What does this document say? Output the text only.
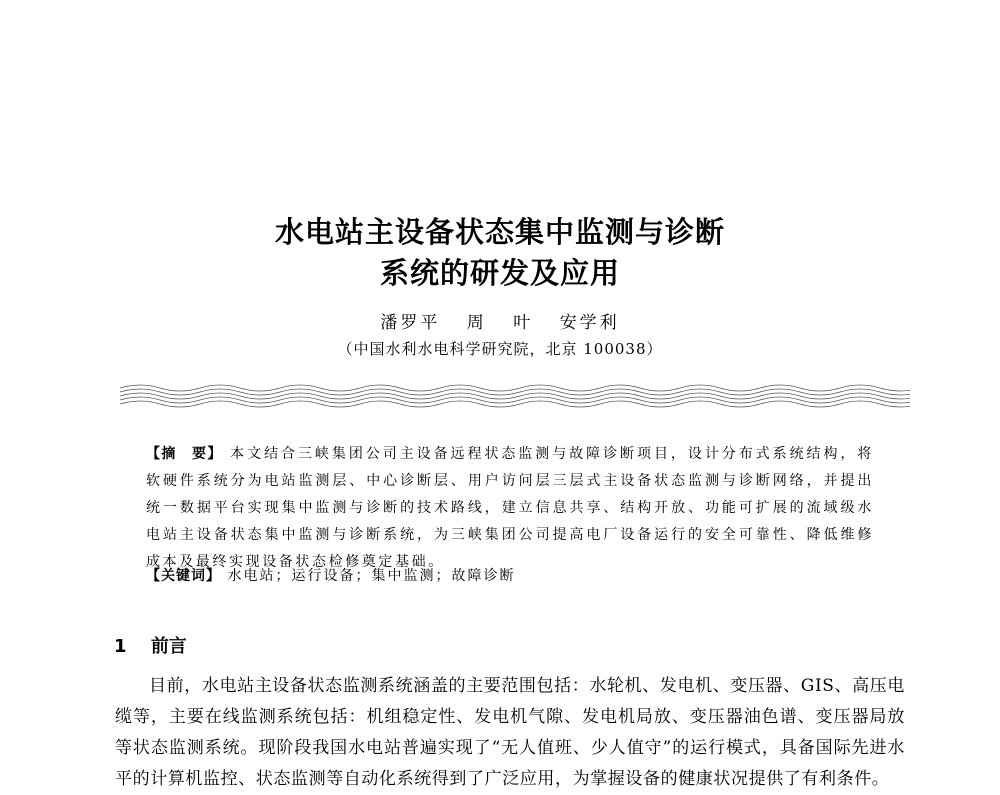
水电站主设备状态集中监测与诊断
系统的研发及应用
潘罗平 周 叶 安学利
（中国水利水电科学研究院，北京 100038）
【摘　要】 本文结合三峡集团公司主设备远程状态监测与故障诊断项目，设计分布式系统结构，将软硬件系统分为电站监测层、中心诊断层、用户访问层三层式主设备状态监测与诊断网络，并提出统一数据平台实现集中监测与诊断的技术路线，建立信息共享、结构开放、功能可扩展的流域级水电站主设备状态集中监测与诊断系统，为三峡集团公司提高电厂设备运行的安全可靠性、降低维修成本及最终实现设备状态检修奠定基础。
【关键词】 水电站；运行设备；集中监测；故障诊断
1 前言
目前，水电站主设备状态监测系统涵盖的主要范围包括：水轮机、发电机、变压器、GIS、高压电缆等，主要在线监测系统包括：机组稳定性、发电机气隙、发电机局放、变压器油色谱、变压器局放等状态监测系统。现阶段我国水电站普遍实现了“无人值班、少人值守”的运行模式，具备国际先进水平的计算机监控、状态监测等自动化系统得到了广泛应用，为掌握设备的健康状况提供了有利条件。
